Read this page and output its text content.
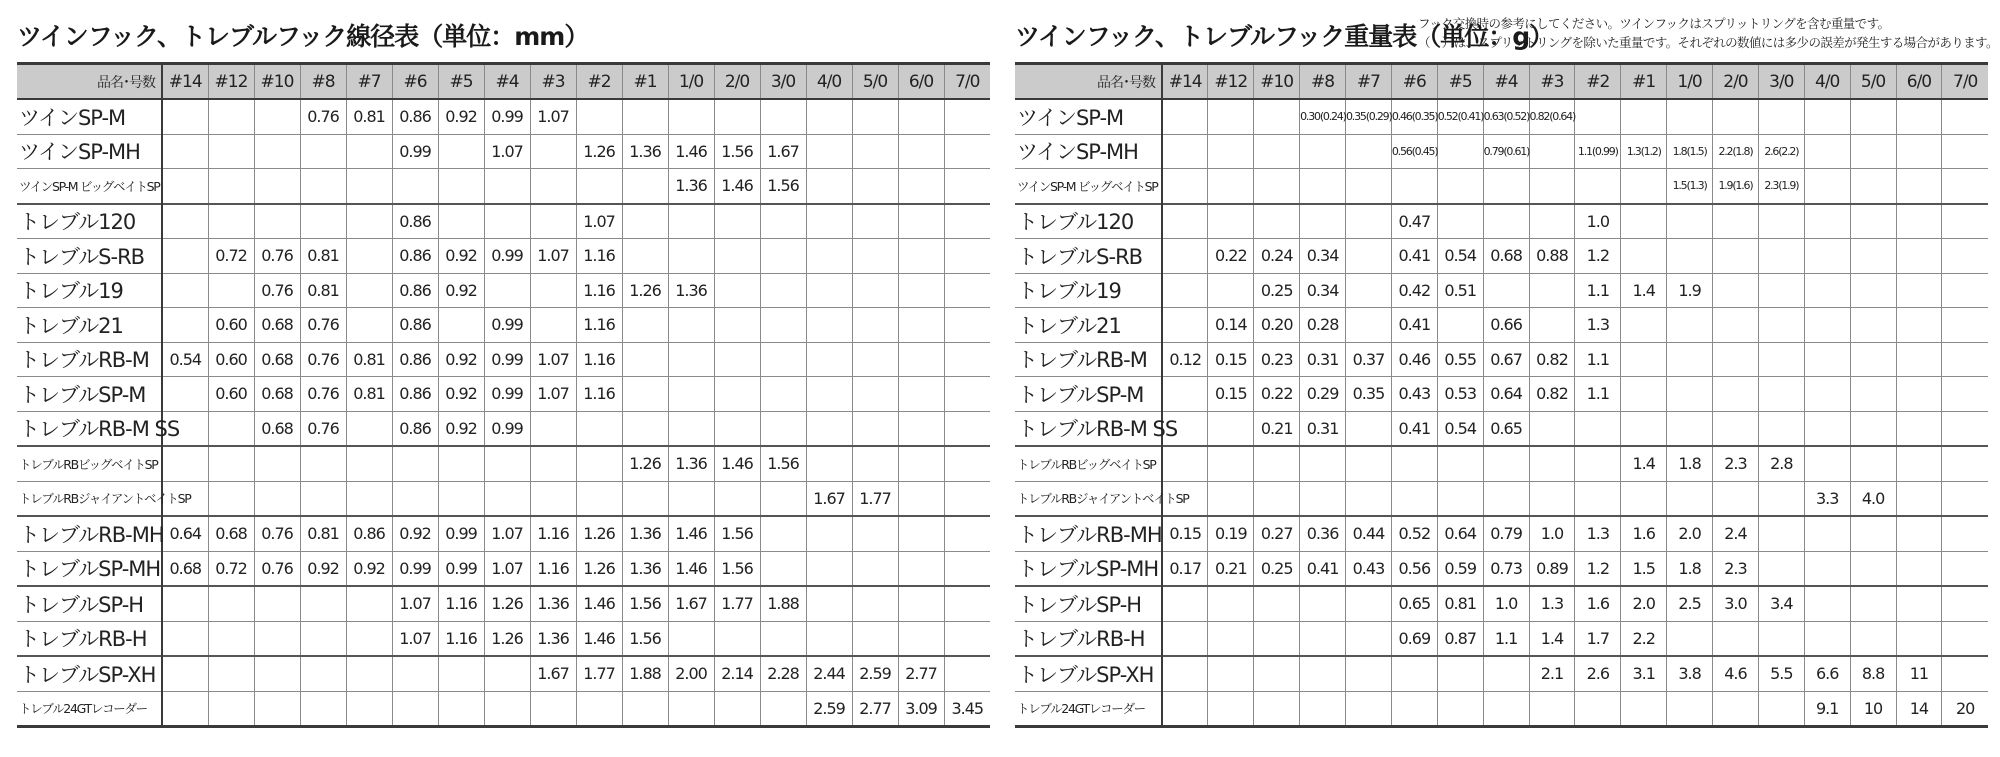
ツインフック、トレブルフック線径表（単位：mm）	ツインフック、トレブルフック重量表（単位：g）
フック交換時の参考にしてください。ツインフックはスプリットリングを含む重量です。
（　）は、スプリットリングを除いた重量です。それぞれの数値には多少の誤差が発生する場合があります。
品名･号数	#14	#12	#10	#8	#7	#6	#5	#4	#3	#2	#1	1/0	2/0	3/0	4/0	5/0	6/0	7/0
ツインSP-M				0.76	0.81	0.86	0.92	0.99	1.07									
ツインSP-MH						0.99		1.07		1.26	1.36	1.46	1.56	1.67				
ツインSP-M ビッグベイトSP												1.36	1.46	1.56				
トレブル120						0.86				1.07								
トレブルS-RB		0.72	0.76	0.81		0.86	0.92	0.99	1.07	1.16								
トレブル19			0.76	0.81		0.86	0.92			1.16	1.26	1.36						
トレブル21		0.60	0.68	0.76		0.86		0.99		1.16								
トレブルRB-M	0.54	0.60	0.68	0.76	0.81	0.86	0.92	0.99	1.07	1.16								
トレブルSP-M		0.60	0.68	0.76	0.81	0.86	0.92	0.99	1.07	1.16								
トレブルRB-M SS			0.68	0.76		0.86	0.92	0.99										
トレブルRBビッグベイトSP											1.26	1.36	1.46	1.56				
トレブルRBジャイアントベイトSP															1.67	1.77		
トレブルRB-MH	0.64	0.68	0.76	0.81	0.86	0.92	0.99	1.07	1.16	1.26	1.36	1.46	1.56					
トレブルSP-MH	0.68	0.72	0.76	0.92	0.92	0.99	0.99	1.07	1.16	1.26	1.36	1.46	1.56					
トレブルSP-H						1.07	1.16	1.26	1.36	1.46	1.56	1.67	1.77	1.88				
トレブルRB-H						1.07	1.16	1.26	1.36	1.46	1.56							
トレブルSP-XH									1.67	1.77	1.88	2.00	2.14	2.28	2.44	2.59	2.77	
トレブル24GTレコーダー															2.59	2.77	3.09	3.45
品名･号数	#14	#12	#10	#8	#7	#6	#5	#4	#3	#2	#1	1/0	2/0	3/0	4/0	5/0	6/0	7/0
ツインSP-M				0.30(0.24)	0.35(0.29)	0.46(0.35)	0.52(0.41)	0.63(0.52)	0.82(0.64)									
ツインSP-MH						0.56(0.45)		0.79(0.61)		1.1(0.99)	1.3(1.2)	1.8(1.5)	2.2(1.8)	2.6(2.2)				
ツインSP-M ビッグベイトSP												1.5(1.3)	1.9(1.6)	2.3(1.9)				
トレブル120						0.47				1.0								
トレブルS-RB		0.22	0.24	0.34		0.41	0.54	0.68	0.88	1.2								
トレブル19			0.25	0.34		0.42	0.51			1.1	1.4	1.9						
トレブル21		0.14	0.20	0.28		0.41		0.66		1.3								
トレブルRB-M	0.12	0.15	0.23	0.31	0.37	0.46	0.55	0.67	0.82	1.1								
トレブルSP-M		0.15	0.22	0.29	0.35	0.43	0.53	0.64	0.82	1.1								
トレブルRB-M SS			0.21	0.31		0.41	0.54	0.65										
トレブルRBビッグベイトSP											1.4	1.8	2.3	2.8				
トレブルRBジャイアントベイトSP															3.3	4.0		
トレブルRB-MH	0.15	0.19	0.27	0.36	0.44	0.52	0.64	0.79	1.0	1.3	1.6	2.0	2.4					
トレブルSP-MH	0.17	0.21	0.25	0.41	0.43	0.56	0.59	0.73	0.89	1.2	1.5	1.8	2.3					
トレブルSP-H						0.65	0.81	1.0	1.3	1.6	2.0	2.5	3.0	3.4				
トレブルRB-H						0.69	0.87	1.1	1.4	1.7	2.2							
トレブルSP-XH									2.1	2.6	3.1	3.8	4.6	5.5	6.6	8.8	11	
トレブル24GTレコーダー															9.1	10	14	20
